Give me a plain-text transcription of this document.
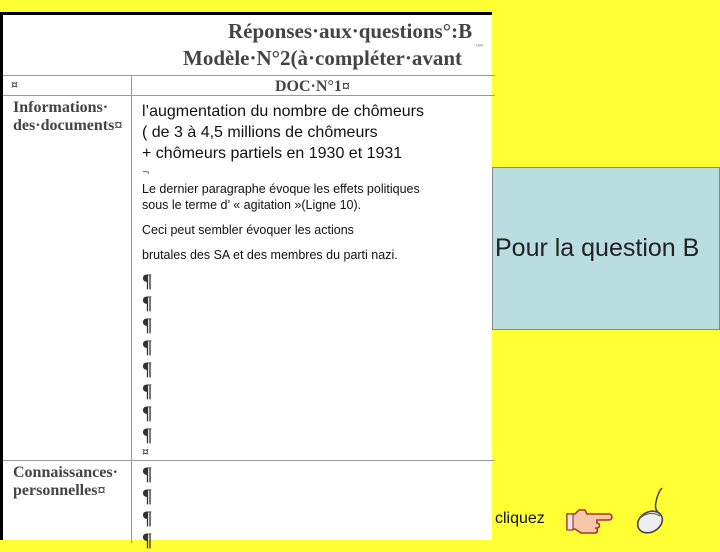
Réponses·aux·questions°:B
Modèle·N°2(à·compléter·avant
ᵤᵥᵥ
¤	DOC·N°1¤
Informations·
des·documents¤
l’augmentation du nombre de chômeurs
( de 3 à 4,5 millions de chômeurs
+ chômeurs partiels en 1930 et 1931
¬
Le dernier paragraphe évoque les effets politiques
sous le terme d’ « agitation »(Ligne 10).
Ceci peut sembler évoquer les actions
brutales des SA et des membres du parti nazi.
¶
¶
¶
¶
¶
¶
¶
¶
¤
Connaissances·
personnelles¤
¶
¶
¶
¶
Pour la question B
cliquez
